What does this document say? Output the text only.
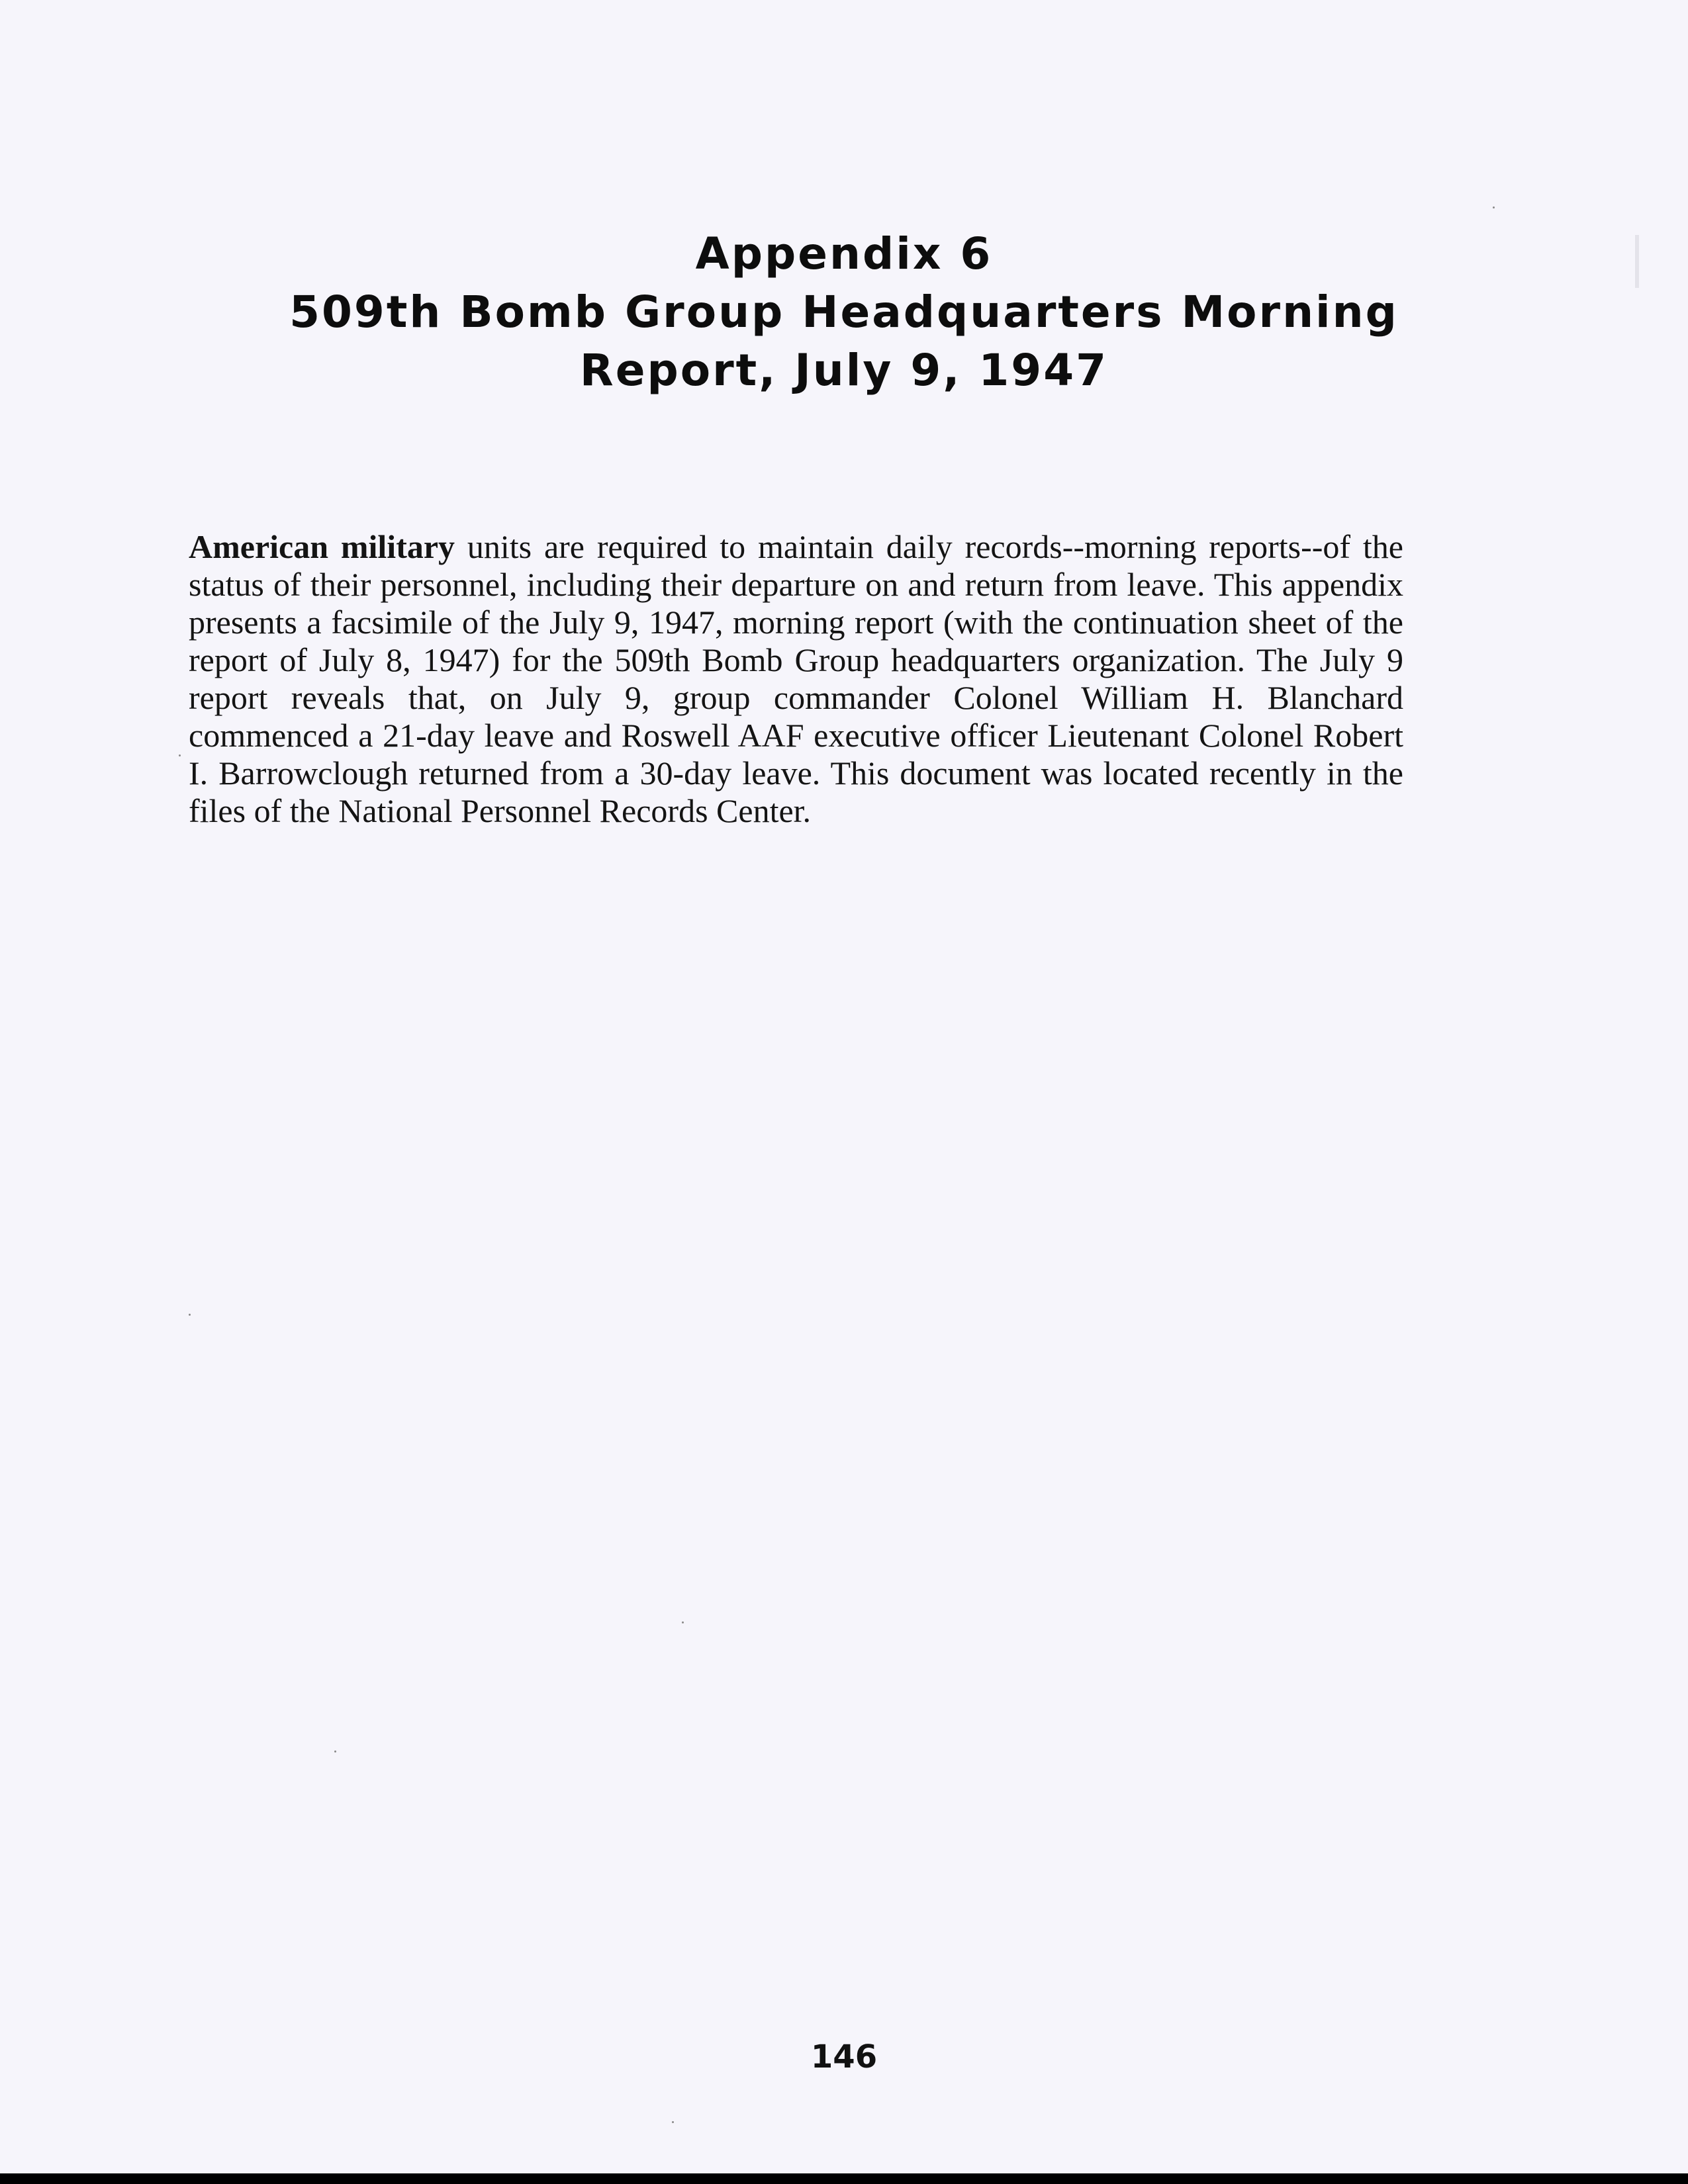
Appendix 6
509th Bomb Group Headquarters Morning
Report, July 9, 1947

American military units are required to maintain daily records--morning reports--of the status of their personnel, including their departure on and return from leave. This appendix presents a facsimile of the July 9, 1947, morning report (with the continuation sheet of the report of July 8, 1947) for the 509th Bomb Group headquarters organization. The July 9 report reveals that, on July 9, group commander Colonel William H. Blanchard commenced a 21-day leave and Roswell AAF executive officer Lieutenant Colonel Robert I. Barrowclough returned from a 30-day leave. This document was located recently in the files of the National Personnel Records Center.

146
